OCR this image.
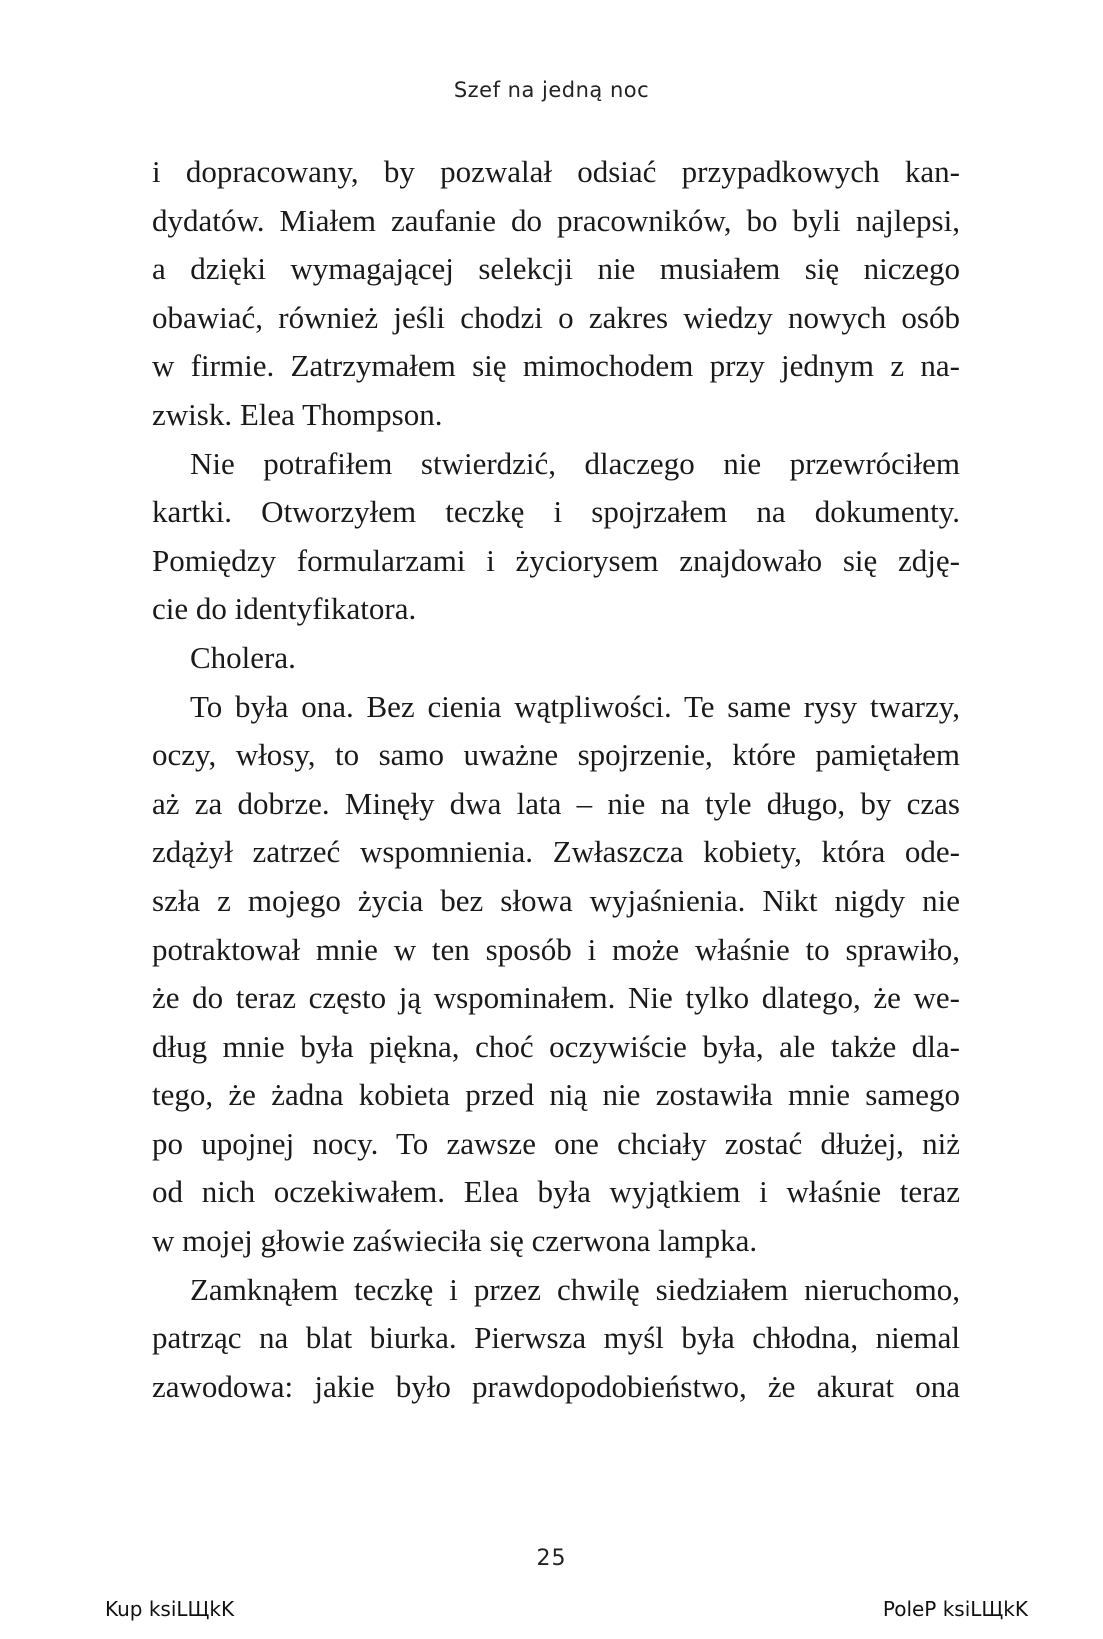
Szef na jedną noc

i dopracowany, by pozwalał odsiać przypadkowych kan-

dydatów. Miałem zaufanie do pracowników, bo byli najlepsi,

a dzięki wymagającej selekcji nie musiałem się niczego

obawiać, również jeśli chodzi o zakres wiedzy nowych osób

w firmie. Zatrzymałem się mimochodem przy jednym z na-

zwisk. Elea Thompson.

Nie potrafiłem stwierdzić, dlaczego nie przewróciłem

kartki. Otworzyłem teczkę i spojrzałem na dokumenty.

Pomiędzy formularzami i życiorysem znajdowało się zdję-

cie do identyfikatora.

Cholera.

To była ona. Bez cienia wątpliwości. Te same rysy twarzy,

oczy, włosy, to samo uważne spojrzenie, które pamiętałem

aż za dobrze. Minęły dwa lata – nie na tyle długo, by czas

zdążył zatrzeć wspomnienia. Zwłaszcza kobiety, która ode-

szła z mojego życia bez słowa wyjaśnienia. Nikt nigdy nie

potraktował mnie w ten sposób i może właśnie to sprawiło,

że do teraz często ją wspominałem. Nie tylko dlatego, że we-

dług mnie była piękna, choć oczywiście była, ale także dla-

tego, że żadna kobieta przed nią nie zostawiła mnie samego

po upojnej nocy. To zawsze one chciały zostać dłużej, niż

od nich oczekiwałem. Elea była wyjątkiem i właśnie teraz

w mojej głowie zaświeciła się czerwona lampka.

Zamknąłem teczkę i przez chwilę siedziałem nieruchomo,

patrząc na blat biurka. Pierwsza myśl była chłodna, niemal

zawodowa: jakie było prawdopodobieństwo, że akurat ona

25
Kup ksiLЩkK	PoleP ksiLЩkK
